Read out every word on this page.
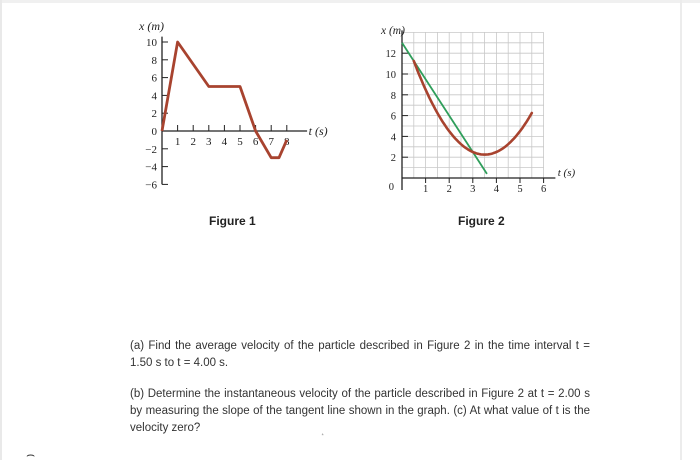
10
8
6
4
2
0
−2
−4
−6
1 2 3 4 5 6 7 8
x (m)
t (s)
12
10
8
6
4
2
0	1 2 3 4 5 6
x (m)
t (s)
Figure 1	Figure 2
(a) Find the average velocity of the particle described in Figure 2 in the time interval t = 1.50 s to t = 4.00 s.
(b) Determine the instantaneous velocity of the particle described in Figure 2 at t = 2.00 s by measuring the slope of the tangent line shown in the graph. (c) At what value of t is the velocity zero?
⌢
˔
